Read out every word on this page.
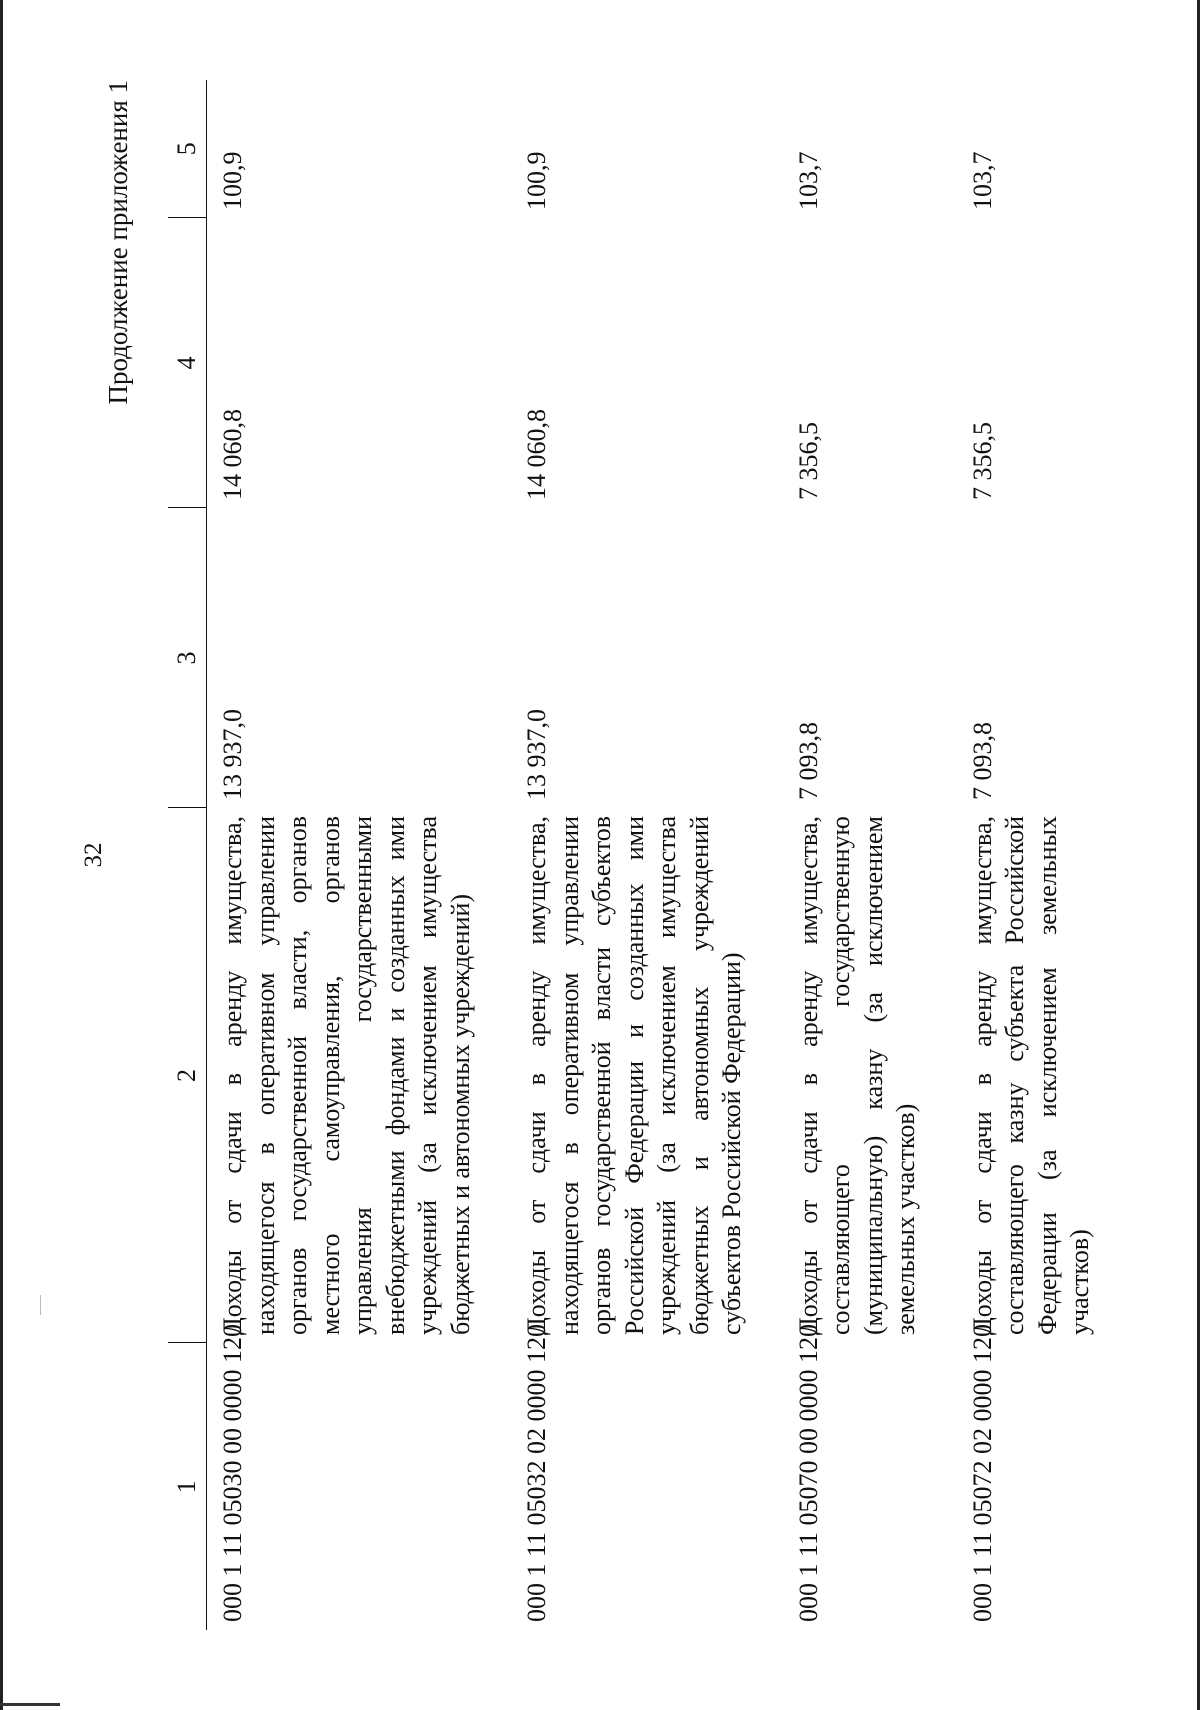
32
Продолжение приложения 1
1	2	3	4	5
000 1 11 05030 00 0000 120	Доходы от сдачи в аренду имущества, находящегося в оперативном управлении органов государственной власти, органов местного самоуправления, органов управления государственными внебюджетными фондами и созданных ими учреждений (за исключением имущества бюджетных и автономных учреждений)	13 937,0	14 060,8	100,9
000 1 11 05032 02 0000 120	Доходы от сдачи в аренду имущества, находящегося в оперативном управлении органов государственной власти субъектов Российской Федерации и созданных ими учреждений (за исключением имущества бюджетных и автономных учреждений субъектов Российской Федерации)	13 937,0	14 060,8	100,9
000 1 11 05070 00 0000 120	Доходы от сдачи в аренду имущества, составляющего государственную (муниципальную) казну (за исключением земельных участков)	7 093,8	7 356,5	103,7
000 1 11 05072 02 0000 120	Доходы от сдачи в аренду имущества, составляющего казну субъекта Российской Федерации (за исключением земельных участков)	7 093,8	7 356,5	103,7
